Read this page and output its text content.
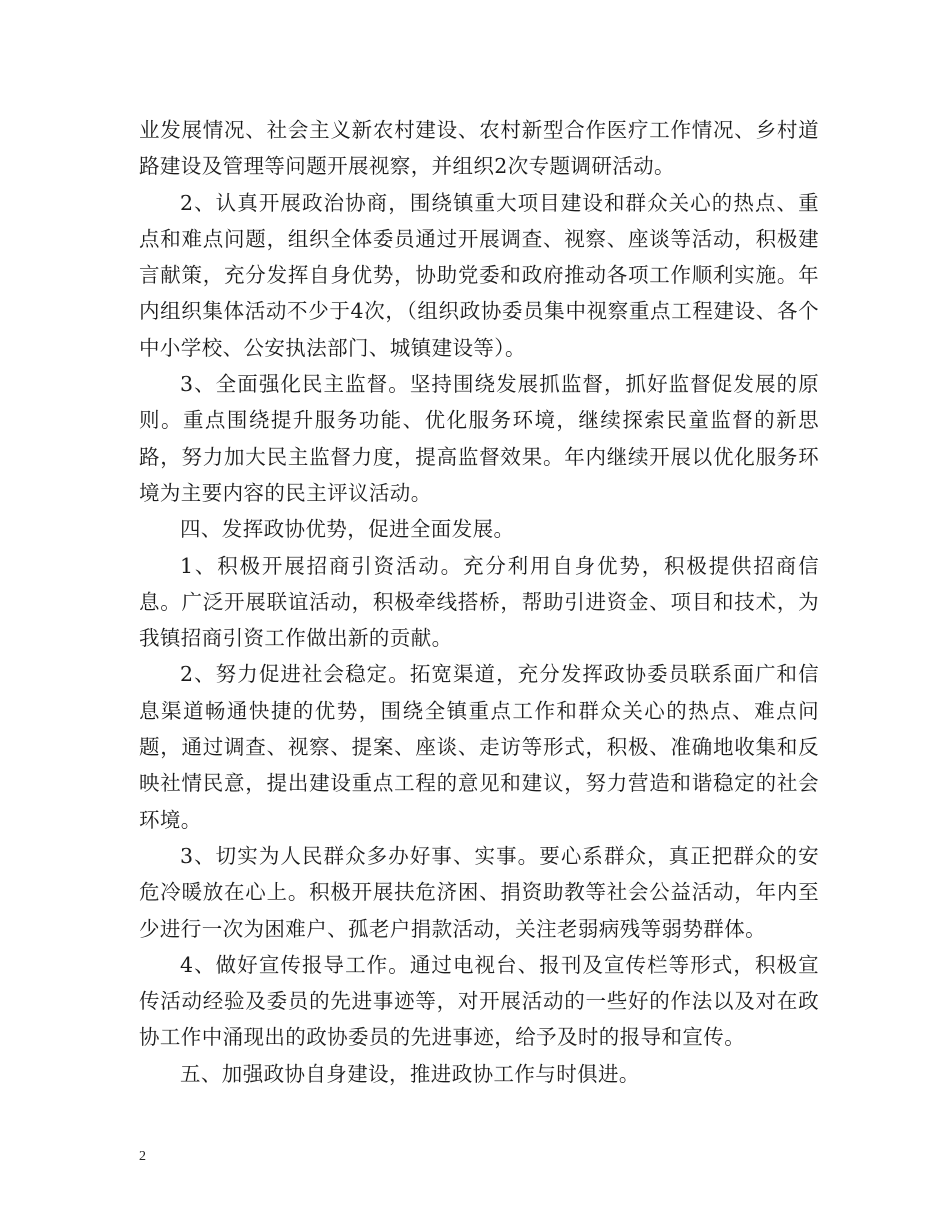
业发展情况、社会主义新农村建设、农村新型合作医疗工作情况、乡村道路建设及管理等问题开展视察，并组织2次专题调研活动。

2、认真开展政治协商，围绕镇重大项目建设和群众关心的热点、重点和难点问题，组织全体委员通过开展调查、视察、座谈等活动，积极建言献策，充分发挥自身优势，协助党委和政府推动各项工作顺利实施。年内组织集体活动不少于4次，（组织政协委员集中视察重点工程建设、各个中小学校、公安执法部门、城镇建设等）。

3、全面强化民主监督。坚持围绕发展抓监督，抓好监督促发展的原则。重点围绕提升服务功能、优化服务环境，继续探索民童监督的新思路，努力加大民主监督力度，提高监督效果。年内继续开展以优化服务环境为主要内容的民主评议活动。

四、发挥政协优势，促进全面发展。

1、积极开展招商引资活动。充分利用自身优势，积极提供招商信息。广泛开展联谊活动，积极牵线搭桥，帮助引进资金、项目和技术，为我镇招商引资工作做出新的贡献。

2、努力促进社会稳定。拓宽渠道，充分发挥政协委员联系面广和信息渠道畅通快捷的优势，围绕全镇重点工作和群众关心的热点、难点问题，通过调查、视察、提案、座谈、走访等形式，积极、准确地收集和反映社情民意，提出建设重点工程的意见和建议，努力营造和谐稳定的社会环境。

3、切实为人民群众多办好事、实事。要心系群众，真正把群众的安危冷暖放在心上。积极开展扶危济困、捐资助教等社会公益活动，年内至少进行一次为困难户、孤老户捐款活动，关注老弱病残等弱势群体。

4、做好宣传报导工作。通过电视台、报刊及宣传栏等形式，积极宣传活动经验及委员的先进事迹等，对开展活动的一些好的作法以及对在政协工作中涌现出的政协委员的先进事迹，给予及时的报导和宣传。

五、加强政协自身建设，推进政协工作与时俱进。

2
